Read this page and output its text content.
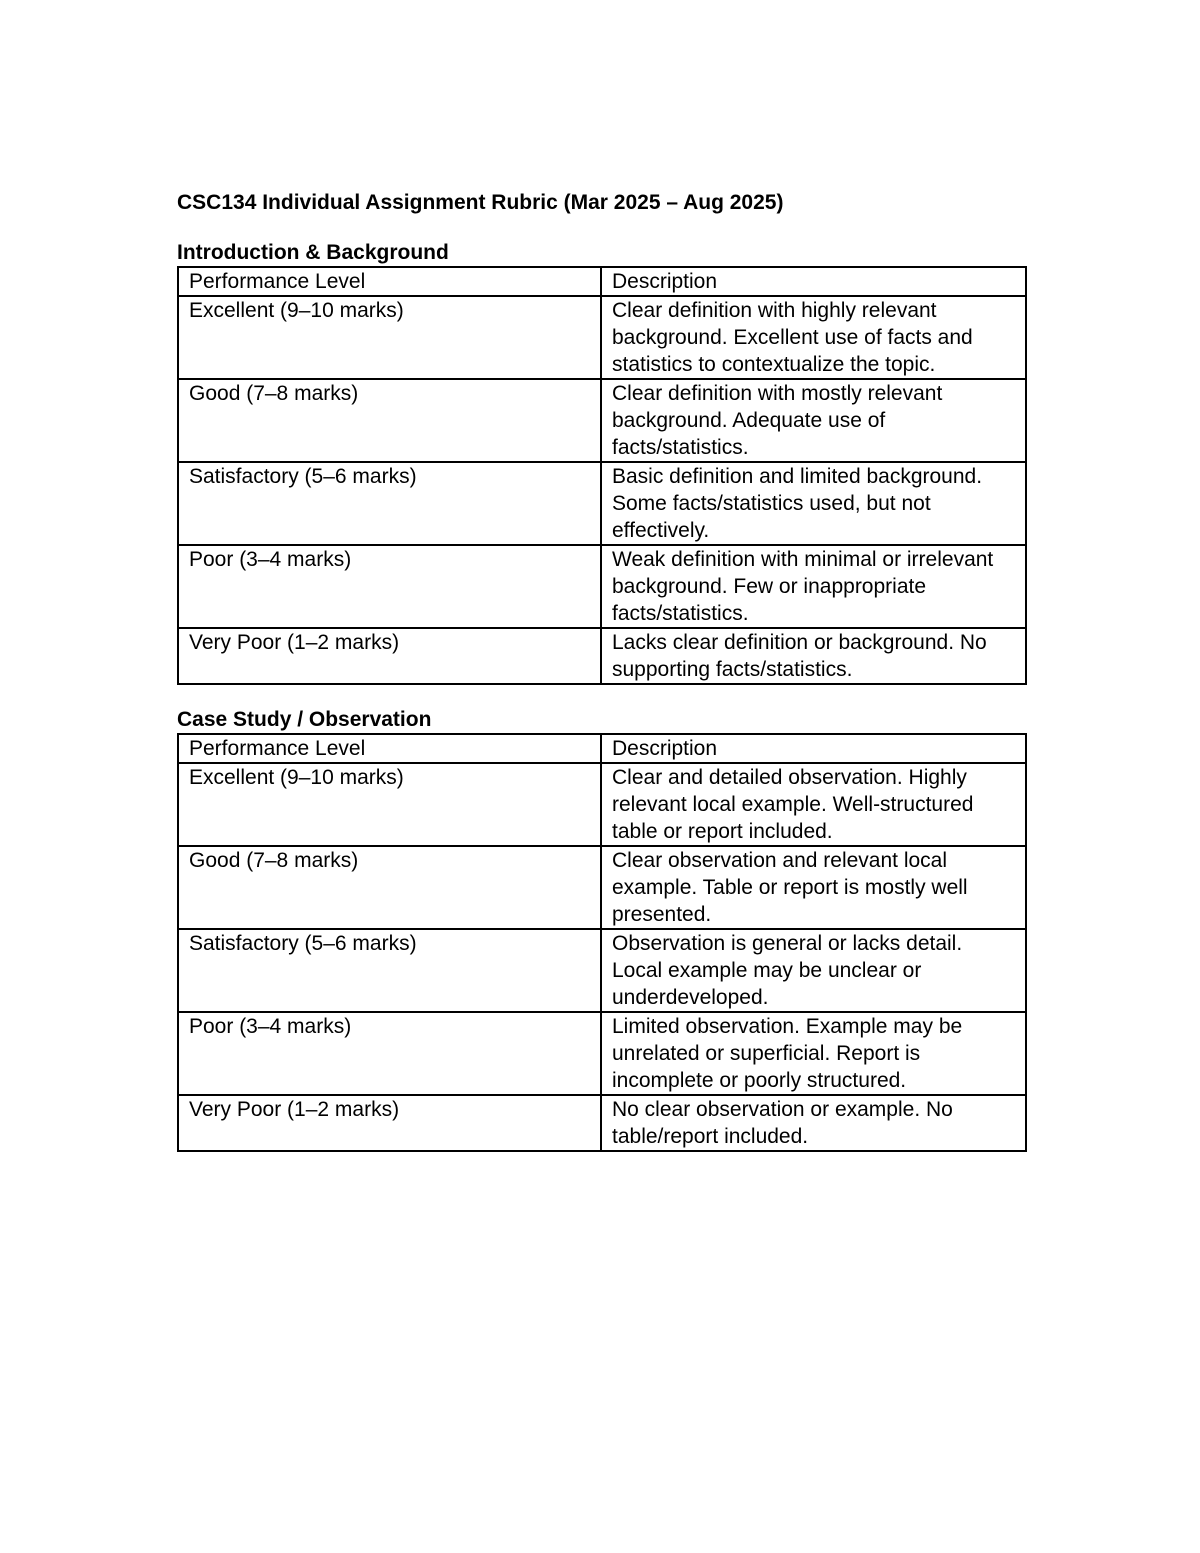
CSC134 Individual Assignment Rubric (Mar 2025 – Aug 2025)
Introduction & Background
Performance Level	Description
Excellent (9–10 marks)	Clear definition with highly relevant background. Excellent use of facts and statistics to contextualize the topic.
Good (7–8 marks)	Clear definition with mostly relevant background. Adequate use of facts/statistics.
Satisfactory (5–6 marks)	Basic definition and limited background. Some facts/statistics used, but not effectively.
Poor (3–4 marks)	Weak definition with minimal or irrelevant background. Few or inappropriate facts/statistics.
Very Poor (1–2 marks)	Lacks clear definition or background. No supporting facts/statistics.
Case Study / Observation
Performance Level	Description
Excellent (9–10 marks)	Clear and detailed observation. Highly relevant local example. Well-structured table or report included.
Good (7–8 marks)	Clear observation and relevant local example. Table or report is mostly well presented.
Satisfactory (5–6 marks)	Observation is general or lacks detail. Local example may be unclear or underdeveloped.
Poor (3–4 marks)	Limited observation. Example may be unrelated or superficial. Report is incomplete or poorly structured.
Very Poor (1–2 marks)	No clear observation or example. No table/report included.
